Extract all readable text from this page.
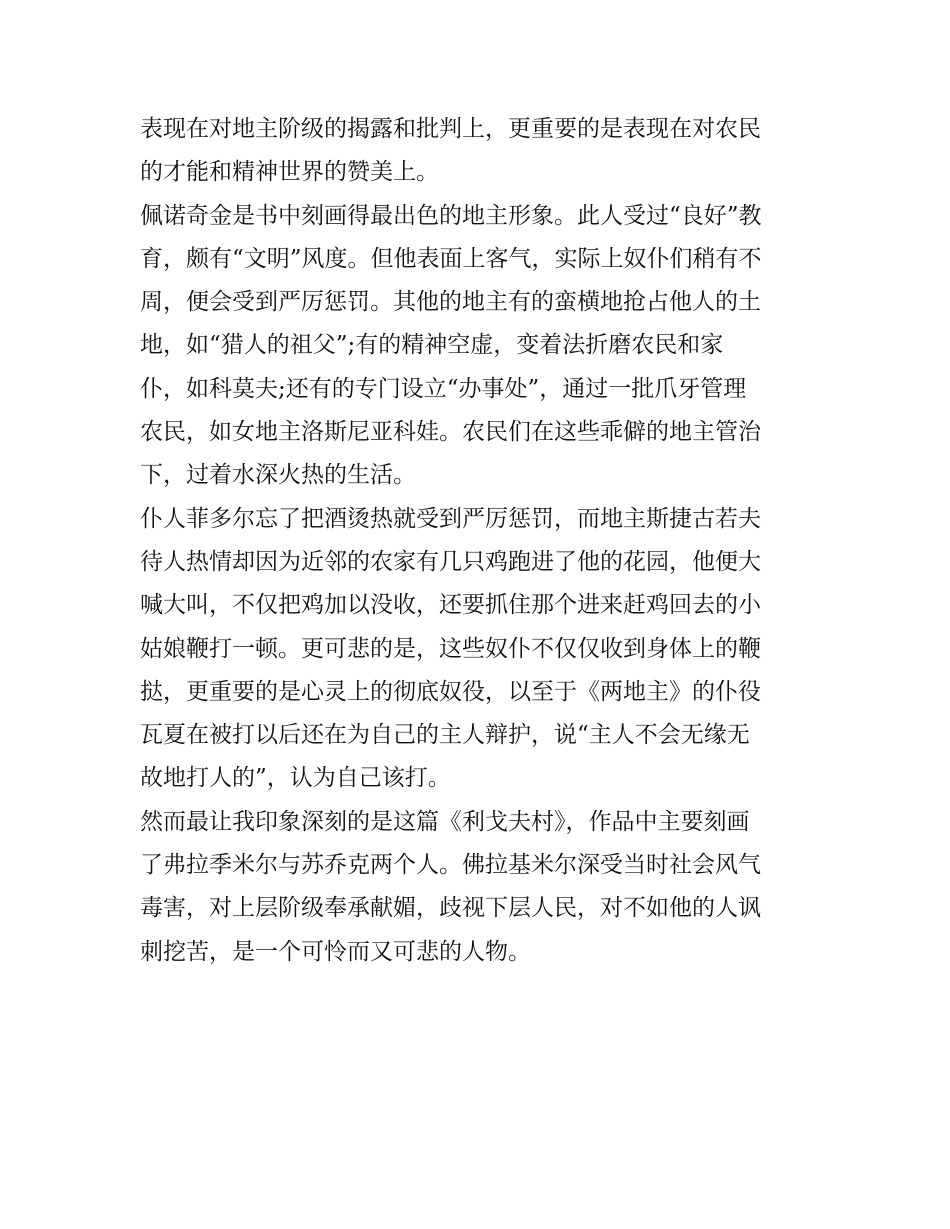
表现在对地主阶级的揭露和批判上，更重要的是表现在对农民
的才能和精神世界的赞美上。
佩诺奇金是书中刻画得最出色的地主形象。此人受过“良好”教
育，颇有“文明”风度。但他表面上客气，实际上奴仆们稍有不
周，便会受到严厉惩罚。其他的地主有的蛮横地抢占他人的土
地，如“猎人的祖父”;有的精神空虚，变着法折磨农民和家
仆，如科莫夫;还有的专门设立“办事处”，通过一批爪牙管理
农民，如女地主洛斯尼亚科娃。农民们在这些乖僻的地主管治
下，过着水深火热的生活。
仆人菲多尔忘了把酒烫热就受到严厉惩罚，而地主斯捷古若夫
待人热情却因为近邻的农家有几只鸡跑进了他的花园，他便大
喊大叫，不仅把鸡加以没收，还要抓住那个进来赶鸡回去的小
姑娘鞭打一顿。更可悲的是，这些奴仆不仅仅收到身体上的鞭
挞，更重要的是心灵上的彻底奴役，以至于《两地主》的仆役
瓦夏在被打以后还在为自己的主人辩护，说“主人不会无缘无
故地打人的”，认为自己该打。
然而最让我印象深刻的是这篇《利戈夫村》，作品中主要刻画
了弗拉季米尔与苏乔克两个人。佛拉基米尔深受当时社会风气
毒害，对上层阶级奉承献媚，歧视下层人民，对不如他的人讽
刺挖苦，是一个可怜而又可悲的人物。
